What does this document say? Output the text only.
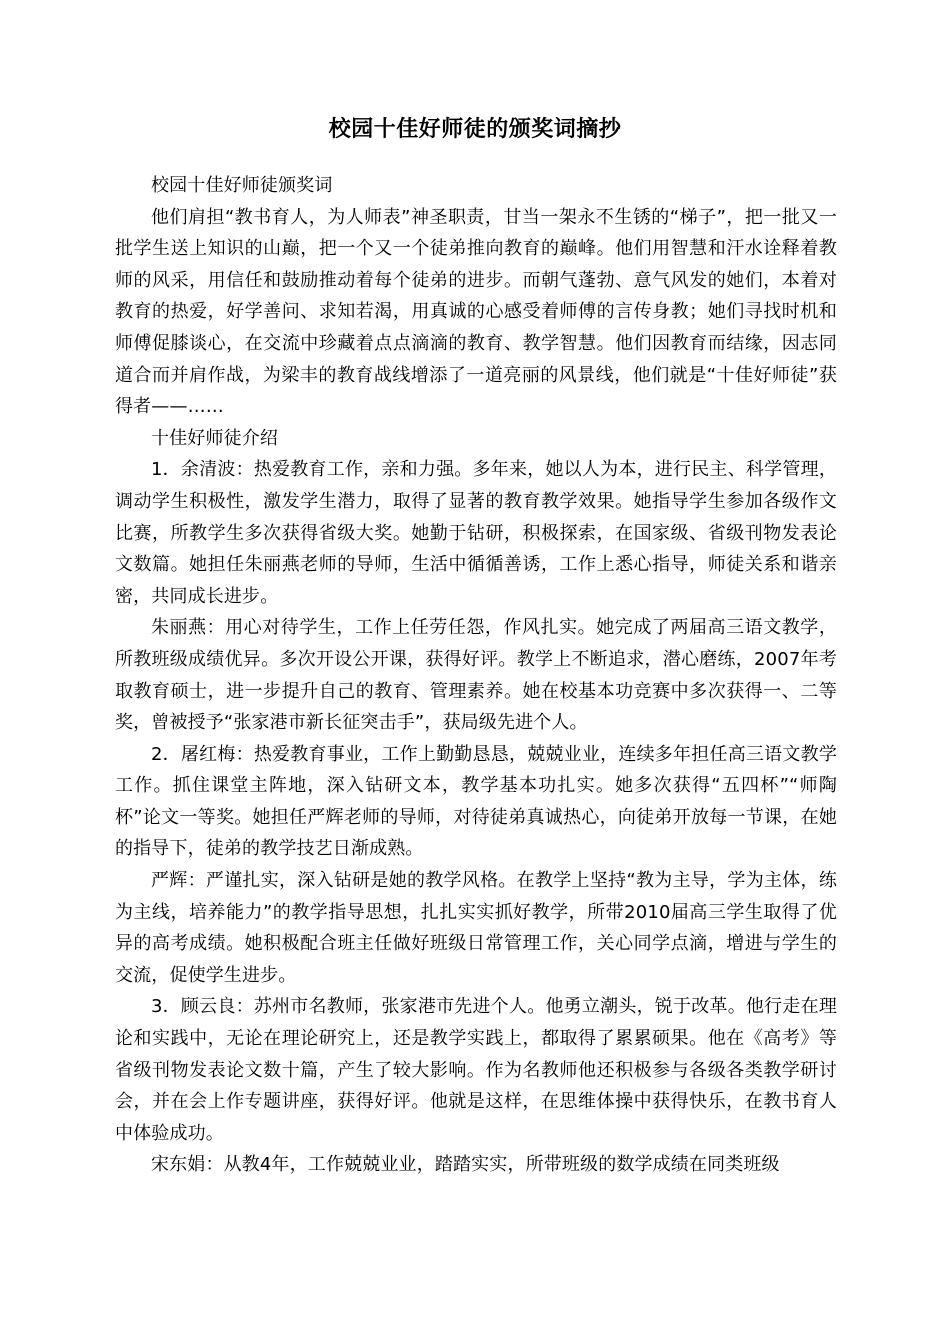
校园十佳好师徒的颁奖词摘抄

校园十佳好师徒颁奖词

他们肩担“教书育人，为人师表”神圣职责，甘当一架永不生锈的“梯子”，把一批又一批学生送上知识的山巅，把一个又一个徒弟推向教育的巅峰。他们用智慧和汗水诠释着教师的风采，用信任和鼓励推动着每个徒弟的进步。而朝气蓬勃、意气风发的她们，本着对教育的热爱，好学善问、求知若渴，用真诚的心感受着师傅的言传身教；她们寻找时机和师傅促膝谈心，在交流中珍藏着点点滴滴的教育、教学智慧。他们因教育而结缘，因志同道合而并肩作战，为梁丰的教育战线增添了一道亮丽的风景线，他们就是“十佳好师徒”获得者——……

十佳好师徒介绍

1．余清波：热爱教育工作，亲和力强。多年来，她以人为本，进行民主、科学管理，调动学生积极性，激发学生潜力，取得了显著的教育教学效果。她指导学生参加各级作文比赛，所教学生多次获得省级大奖。她勤于钻研，积极探索，在国家级、省级刊物发表论文数篇。她担任朱丽燕老师的导师，生活中循循善诱，工作上悉心指导，师徒关系和谐亲密，共同成长进步。

朱丽燕：用心对待学生，工作上任劳任怨，作风扎实。她完成了两届高三语文教学，所教班级成绩优异。多次开设公开课，获得好评。教学上不断追求，潜心磨练，2007年考取教育硕士，进一步提升自己的教育、管理素养。她在校基本功竞赛中多次获得一、二等奖，曾被授予“张家港市新长征突击手”，获局级先进个人。

2．屠红梅：热爱教育事业，工作上勤勤恳恳，兢兢业业，连续多年担任高三语文教学工作。抓住课堂主阵地，深入钻研文本，教学基本功扎实。她多次获得“五四杯”“师陶杯”论文一等奖。她担任严辉老师的导师，对待徒弟真诚热心，向徒弟开放每一节课，在她的指导下，徒弟的教学技艺日渐成熟。

严辉：严谨扎实，深入钻研是她的教学风格。在教学上坚持“教为主导，学为主体，练为主线，培养能力”的教学指导思想，扎扎实实抓好教学，所带2010届高三学生取得了优异的高考成绩。她积极配合班主任做好班级日常管理工作，关心同学点滴，增进与学生的交流，促使学生进步。

3．顾云良：苏州市名教师，张家港市先进个人。他勇立潮头，锐于改革。他行走在理论和实践中，无论在理论研究上，还是教学实践上，都取得了累累硕果。他在《高考》等省级刊物发表论文数十篇，产生了较大影响。作为名教师他还积极参与各级各类教学研讨会，并在会上作专题讲座，获得好评。他就是这样，在思维体操中获得快乐，在教书育人中体验成功。

宋东娟：从教4年，工作兢兢业业，踏踏实实，所带班级的数学成绩在同类班级
